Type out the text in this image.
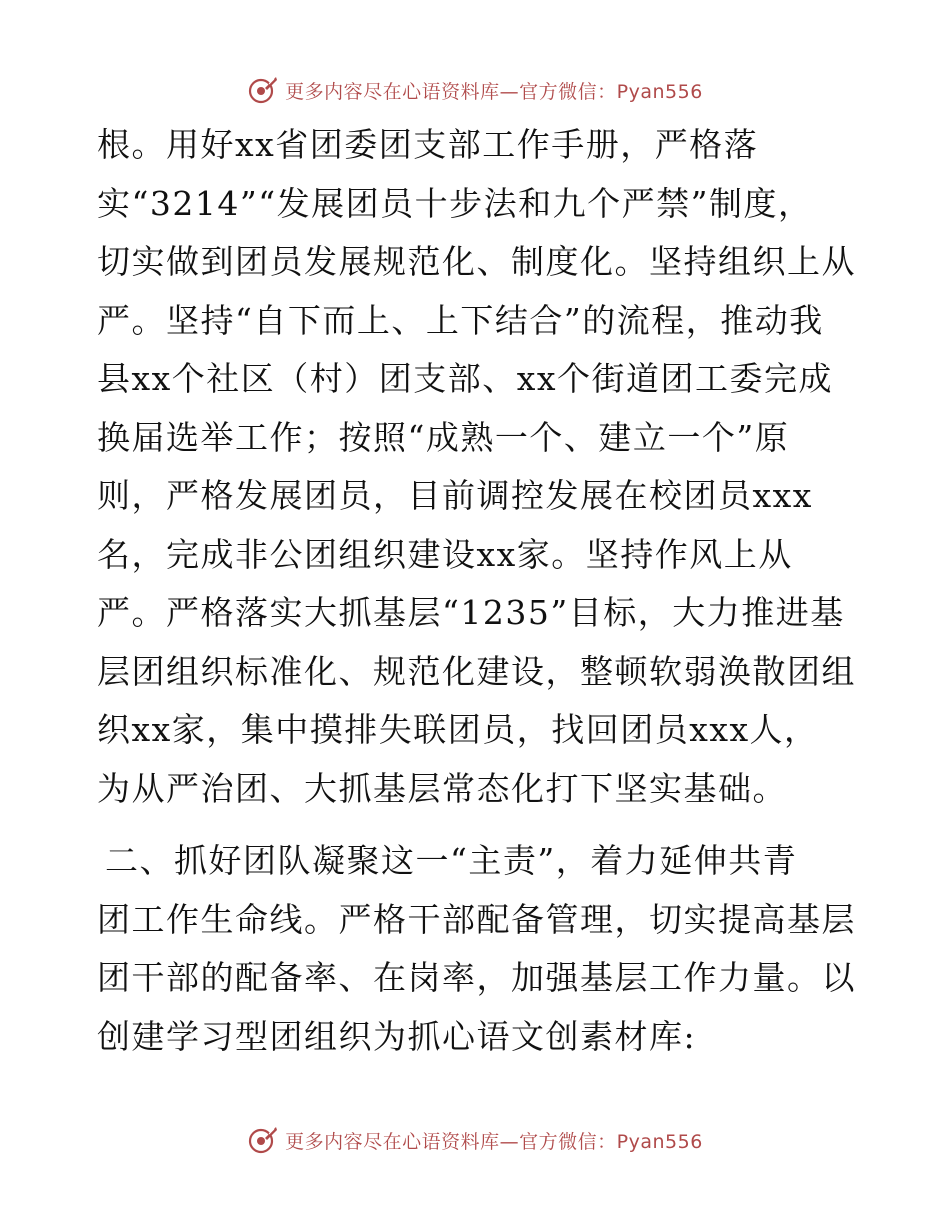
更多内容尽在心语资料库—官方微信：Pyan556
根。用好xx省团委团支部工作手册，严格落
实“3214”“发展团员十步法和九个严禁”制度，
切实做到团员发展规范化、制度化。坚持组织上从
严。坚持“自下而上、上下结合”的流程，推动我
县xx个社区（村）团支部、xx个街道团工委完成
换届选举工作；按照“成熟一个、建立一个”原
则，严格发展团员，目前调控发展在校团员xxx
名，完成非公团组织建设xx家。坚持作风上从
严。严格落实大抓基层“1235”目标，大力推进基
层团组织标准化、规范化建设，整顿软弱涣散团组
织xx家，集中摸排失联团员，找回团员xxx人，
为从严治团、大抓基层常态化打下坚实基础。
二、抓好团队凝聚这一“主责”，着力延伸共青
团工作生命线。严格干部配备管理，切实提高基层
团干部的配备率、在岗率，加强基层工作力量。以
创建学习型团组织为抓心语文创素材库:
更多内容尽在心语资料库—官方微信：Pyan556
